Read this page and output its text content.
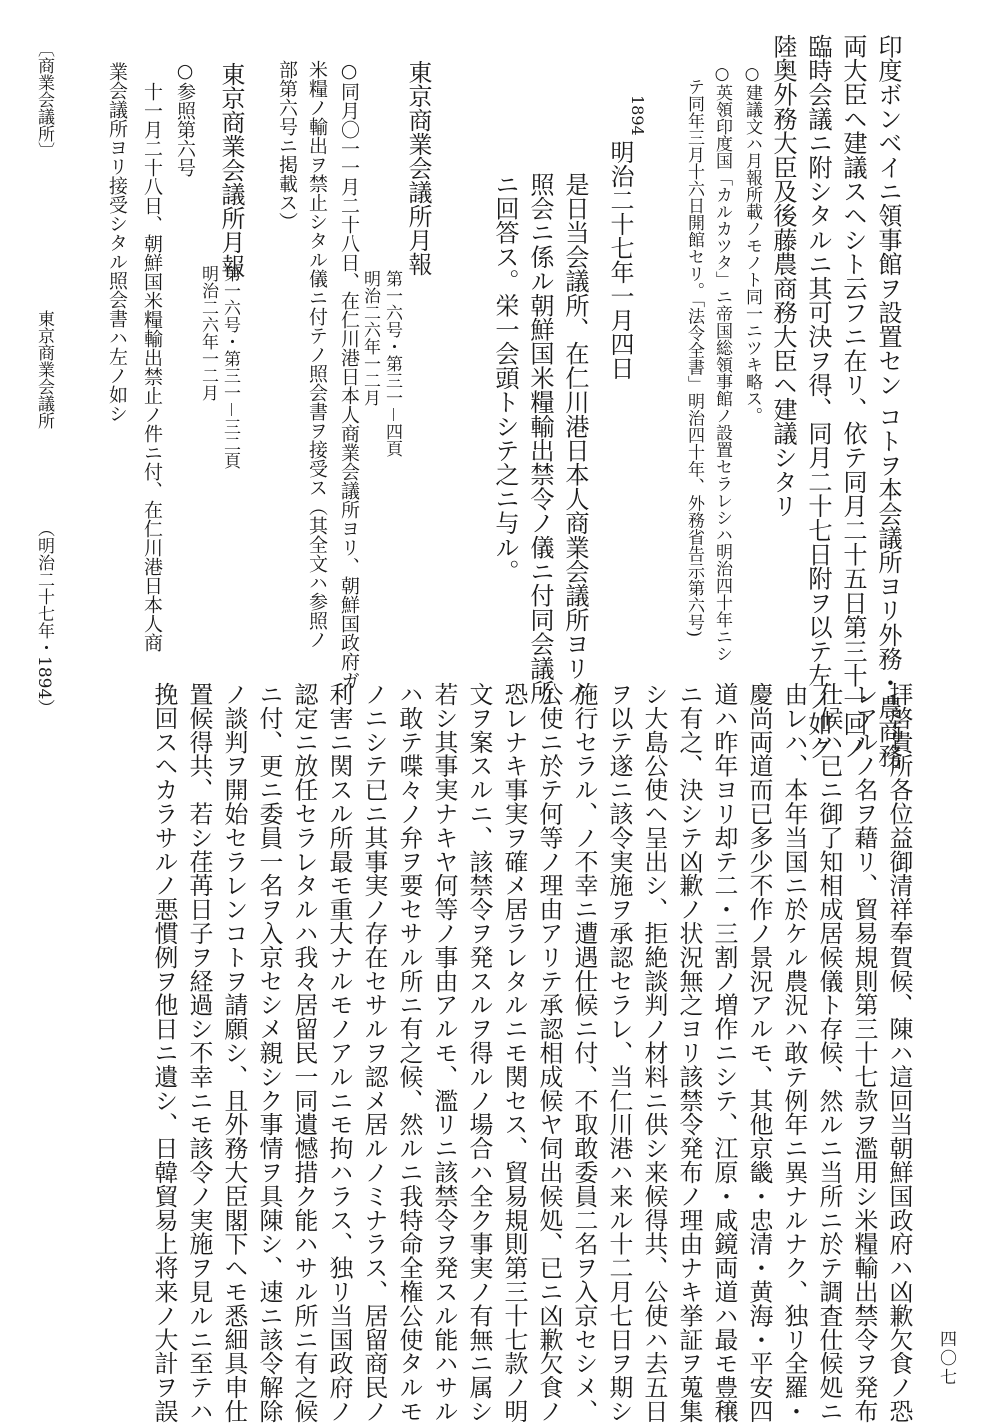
印度ボンベイニ領事館ヲ設置セン コトヲ本会議所ヨリ外務・農商務
両大臣ヘ建議スヘシト云フニ在リ、依テ同月二十五日第三十一回ノ
臨時会議ニ附シタルニ其可決ヲ得、同月二十七日附ヲ以テ左ノ如ク
陸奥外務大臣及後藤農商務大臣ヘ建議シタリ
○建議文ハ月報所載ノモノト同一ニツキ略ス。
○英領印度国「カルカツタ」ニ帝国総領事館ノ設置セラレシハ明治四十年ニシ
テ同年三月十六日開館セリ。「法令全書」明治四十年、外務省告示第六号)
1894
明治二十七年一月四日
是日当会議所、在仁川港日本人商業会議所ヨリノ
照会ニ係ル朝鮮国米糧輸出禁令ノ儀ニ付同会議所
ニ回答ス。栄一会頭トシテ之ニ与ル。
東京商業会議所月報
第一六号・第三一－四頁
明治二六年一二月
○同月〇一一月二十八日、在仁川港日本人商業会議所ヨリ、朝鮮国政府ガ
米糧ノ輸出ヲ禁止シタル儀ニ付テノ照会書ヲ接受ス（其全文ハ参照ノ
部第六号ニ掲載ス）
東京商業会議所月報
第一六号・第三一－三二頁
明治二六年一二月
○参照第六号
十一月二十八日、朝鮮国米糧輸出禁止ノ件ニ付、在仁川港日本人商
業会議所ヨリ接受シタル照会書ハ左ノ如シ
〔商業会議所〕
東京商業会議所
（明治二十七年・1894）
四〇七
拝啓貴所各位益御清祥奉賀候、陳ハ這回当朝鮮国政府ハ凶歉欠食ノ恐
レアルノ名ヲ藉リ、貿易規則第三十七款ヲ濫用シ米糧輸出禁令ヲ発布
仕候ハ已ニ御了知相成居候儀ト存候、然ルニ当所ニ於テ調査仕候処ニ
由レハ、本年当国ニ於ケル農況ハ敢テ例年ニ異ナルナク、独リ全羅・
慶尚両道而已多少不作ノ景況アルモ、其他京畿・忠清・黄海・平安四
道ハ昨年ヨリ却テ二・三割ノ増作ニシテ、江原・咸鏡両道ハ最モ豊穣
ニ有之、決シテ凶歉ノ状況無之ヨリ該禁令発布ノ理由ナキ挙証ヲ蒐集
シ大島公使ヘ呈出シ、拒絶談判ノ材料ニ供シ来候得共、公使ハ去五日
ヲ以テ遂ニ該令実施ヲ承認セラレ、当仁川港ハ来ル十二月七日ヲ期シ
施行セラル、ノ不幸ニ遭遇仕候ニ付、不取敢委員二名ヲ入京セシメ、
公使ニ於テ何等ノ理由アリテ承認相成候ヤ伺出候処、已ニ凶歉欠食ノ
恐レナキ事実ヲ確メ居ラレタルニモ関セス、貿易規則第三十七款ノ明
文ヲ案スルニ、該禁令ヲ発スルヲ得ルノ場合ハ全ク事実ノ有無ニ属シ
若シ其事実ナキヤ何等ノ事由アルモ、濫リニ該禁令ヲ発スル能ハサル
ハ敢テ喋々ノ弁ヲ要セサル所ニ有之候、然ルニ我特命全権公使タルモ
ノニシテ已ニ其事実ノ存在セサルヲ認メ居ルノミナラス、居留商民ノ
利害ニ関スル所最モ重大ナルモノアルニモ拘ハラス、独リ当国政府ノ
認定ニ放任セラレタルハ我々居留民一同遺憾措ク能ハサル所ニ有之候
ニ付、更ニ委員一名ヲ入京セシメ親シク事情ヲ具陳シ、速ニ該令解除
ノ談判ヲ開始セラレンコトヲ請願シ、且外務大臣閣下ヘモ悉細具申仕
置候得共、若シ荏苒日子ヲ経過シ不幸ニモ該令ノ実施ヲ見ルニ至テハ
挽回スヘカラサルノ悪慣例ヲ他日ニ遺シ、日韓貿易上将来ノ大計ヲ誤
